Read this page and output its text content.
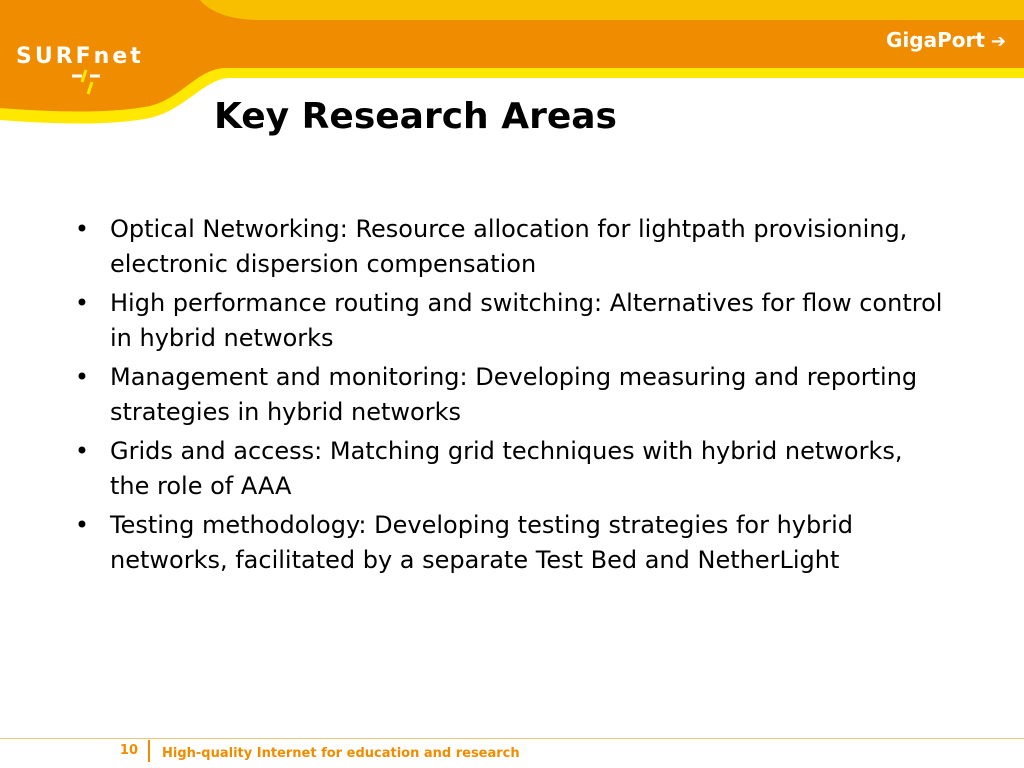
SURFnet
GigaPort ➔
Key Research Areas
• Optical Networking: Resource allocation for lightpath provisioning, electronic dispersion compensation
• High performance routing and switching: Alternatives for flow control in hybrid networks
• Management and monitoring: Developing measuring and reporting strategies in hybrid networks
• Grids and access: Matching grid techniques with hybrid networks, the role of AAA
• Testing methodology: Developing testing strategies for hybrid networks, facilitated by a separate Test Bed and NetherLight
10 High-quality Internet for education and research
